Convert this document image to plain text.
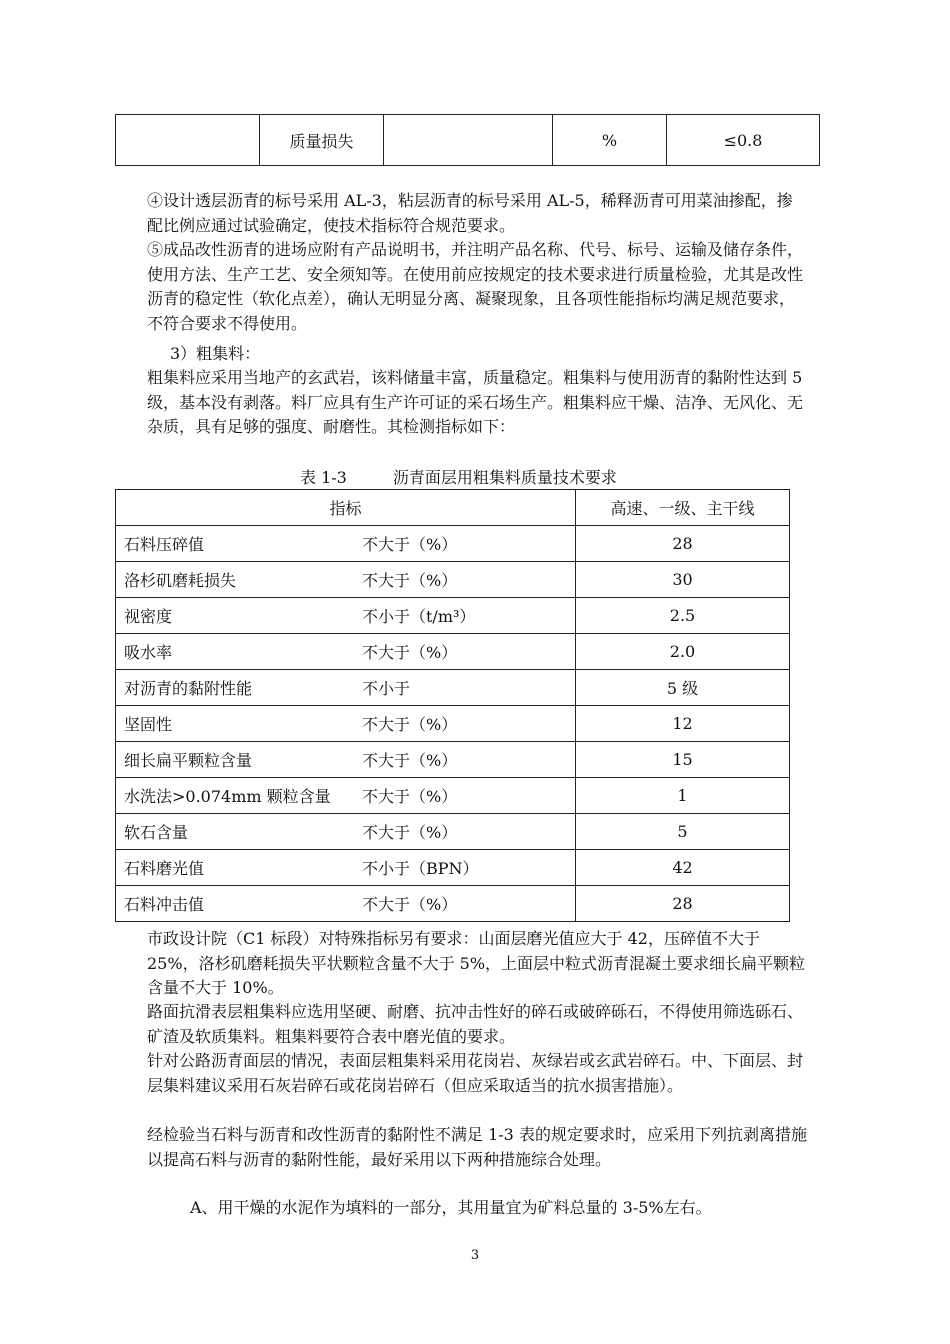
	质量损失		%	≤0.8

④设计透层沥青的标号采用 AL-3，粘层沥青的标号采用 AL-5，稀释沥青可用菜油掺配，掺配比例应通过试验确定，使技术指标符合规范要求。

⑤成品改性沥青的进场应附有产品说明书，并注明产品名称、代号、标号、运输及储存条件，使用方法、生产工艺、安全须知等。在使用前应按规定的技术要求进行质量检验，尤其是改性沥青的稳定性（软化点差），确认无明显分离、凝聚现象，且各项性能指标均满足规范要求，不符合要求不得使用。

3）粗集料：

粗集料应采用当地产的玄武岩，该料储量丰富，质量稳定。粗集料与使用沥青的黏附性达到 5 级，基本没有剥落。料厂应具有生产许可证的采石场生产。粗集料应干燥、洁净、无风化、无杂质，具有足够的强度、耐磨性。其检测指标如下：

表 1-3	沥青面层用粗集料质量技术要求
指标	高速、一级、主干线
石料压碎值 不大于（%）	28
洛杉矶磨耗损失 不大于（%）	30
视密度 不小于（t/m³）	2.5
吸水率 不大于（%）	2.0
对沥青的黏附性能 不小于	5 级
坚固性 不大于（%）	12
细长扁平颗粒含量 不大于（%）	15
水洗法>0.074mm 颗粒含量 不大于（%）	1
软石含量 不大于（%）	5
石料磨光值 不小于（BPN）	42
石料冲击值 不大于（%）	28

市政设计院（C1 标段）对特殊指标另有要求：山面层磨光值应大于 42，压碎值不大于 25%，洛杉矶磨耗损失平状颗粒含量不大于 5%，上面层中粒式沥青混凝土要求细长扁平颗粒含量不大于 10%。

路面抗滑表层粗集料应选用坚硬、耐磨、抗冲击性好的碎石或破碎砾石，不得使用筛选砾石、矿渣及软质集料。粗集料要符合表中磨光值的要求。

针对公路沥青面层的情况，表面层粗集料采用花岗岩、灰绿岩或玄武岩碎石。中、下面层、封层集料建议采用石灰岩碎石或花岗岩碎石（但应采取适当的抗水损害措施）。

经检验当石料与沥青和改性沥青的黏附性不满足 1-3 表的规定要求时，应采用下列抗剥离措施以提高石料与沥青的黏附性能，最好采用以下两种措施综合处理。

A、用干燥的水泥作为填料的一部分，其用量宜为矿料总量的 3-5%左右。

3
